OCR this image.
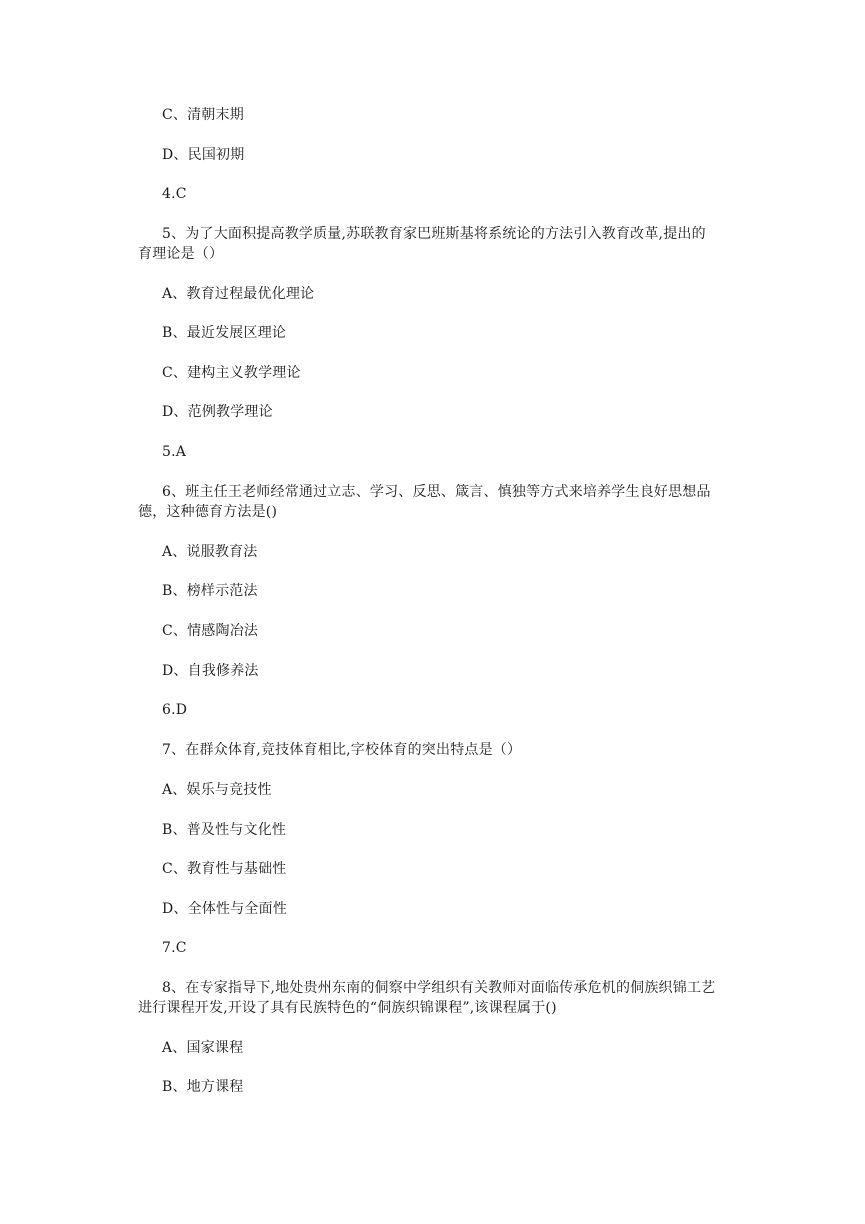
C、清朝末期
D、民国初期
4.C
5、为了大面积提高教学质量,苏联教育家巴班斯基将系统论的方法引入教育改革,提出的育理论是（）
A、教育过程最优化理论
B、最近发展区理论
C、建构主义教学理论
D、范例教学理论
5.A
6、班主任王老师经常通过立志、学习、反思、箴言、慎独等方式来培养学生良好思想品德，这种德育方法是()
A、说服教育法
B、榜样示范法
C、情感陶冶法
D、自我修养法
6.D
7、在群众体育,竞技体育相比,字校体育的突出特点是（）
A、娱乐与竞技性
B、普及性与文化性
C、教育性与基础性
D、全体性与全面性
7.C
8、在专家指导下,地处贵州东南的侗察中学组织有关教师对面临传承危机的侗族织锦工艺进行课程开发,开设了具有民族特色的“侗族织锦课程”,该课程属于()
A、国家课程
B、地方课程
